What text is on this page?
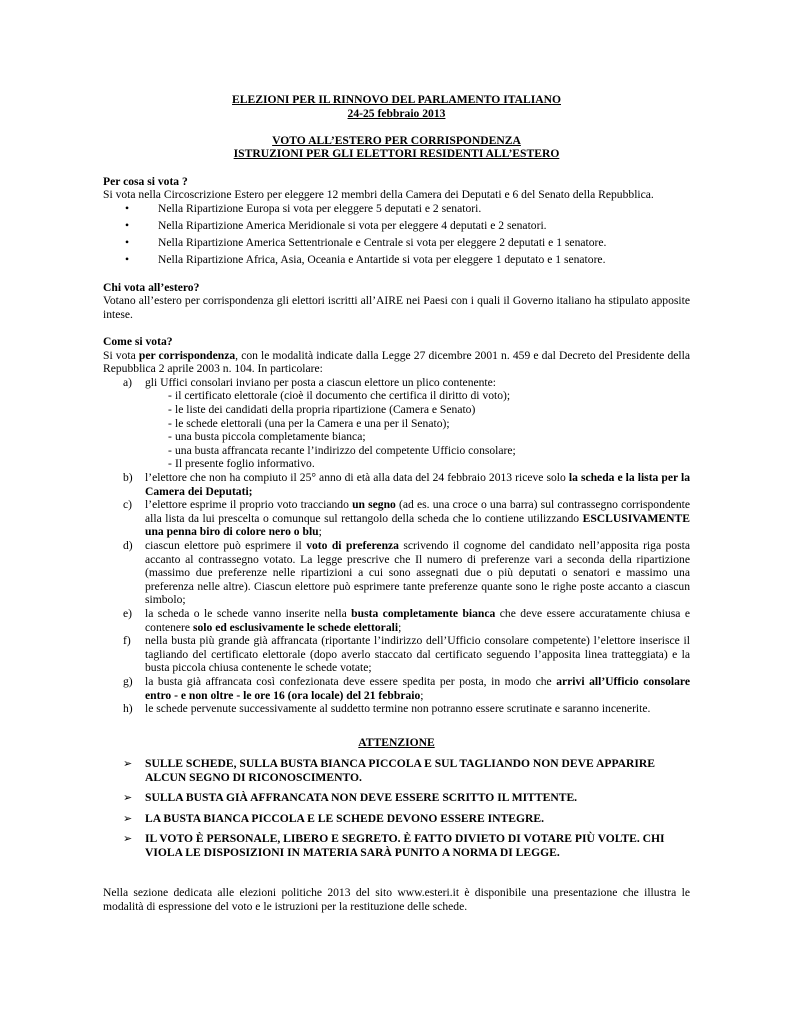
ELEZIONI PER IL RINNOVO DEL PARLAMENTO ITALIANO
24-25 febbraio 2013
VOTO ALL’ESTERO PER CORRISPONDENZA
ISTRUZIONI PER GLI ELETTORI RESIDENTI ALL’ESTERO
Per cosa si vota ?
Si vota nella Circoscrizione Estero per eleggere 12 membri della Camera dei Deputati e 6 del Senato della Repubblica.
• Nella Ripartizione Europa si vota per eleggere 5 deputati e 2 senatori.
• Nella Ripartizione America Meridionale si vota per eleggere 4 deputati e 2 senatori.
• Nella Ripartizione America Settentrionale e Centrale si vota per eleggere 2 deputati e 1 senatore.
• Nella Ripartizione Africa, Asia, Oceania e Antartide si vota per eleggere 1 deputato e 1 senatore.
Chi vota all’estero?
Votano all’estero per corrispondenza gli elettori iscritti all’AIRE nei Paesi con i quali il Governo italiano ha stipulato apposite intese.
Come si vota?
Si vota per corrispondenza, con le modalità indicate dalla Legge 27 dicembre 2001 n. 459 e dal Decreto del Presidente della Repubblica 2 aprile 2003 n. 104. In particolare:
a) gli Uffici consolari inviano per posta a ciascun elettore un plico contenente:
- il certificato elettorale (cioè il documento che certifica il diritto di voto);
- le liste dei candidati della propria ripartizione (Camera e Senato)
- le schede elettorali (una per la Camera e una per il Senato);
- una busta piccola completamente bianca;
- una busta affrancata recante l’indirizzo del competente Ufficio consolare;
- Il presente foglio informativo.
b) l’elettore che non ha compiuto il 25° anno di età alla data del 24 febbraio 2013 riceve solo la scheda e la lista per la Camera dei Deputati;
c) l’elettore esprime il proprio voto tracciando un segno (ad es. una croce o una barra) sul contrassegno corrispondente alla lista da lui prescelta o comunque sul rettangolo della scheda che lo contiene utilizzando ESCLUSIVAMENTE una penna biro di colore nero o blu;
d) ciascun elettore può esprimere il voto di preferenza scrivendo il cognome del candidato nell’apposita riga posta accanto al contrassegno votato. La legge prescrive che Il numero di preferenze vari a seconda della ripartizione (massimo due preferenze nelle ripartizioni a cui sono assegnati due o più deputati o senatori e massimo una preferenza nelle altre). Ciascun elettore può esprimere tante preferenze quante sono le righe poste accanto a ciascun simbolo;
e) la scheda o le schede vanno inserite nella busta completamente bianca che deve essere accuratamente chiusa e contenere solo ed esclusivamente le schede elettorali;
f) nella busta più grande già affrancata (riportante l’indirizzo dell’Ufficio consolare competente) l’elettore inserisce il tagliando del certificato elettorale (dopo averlo staccato dal certificato seguendo l’apposita linea tratteggiata) e la busta piccola chiusa contenente le schede votate;
g) la busta già affrancata così confezionata deve essere spedita per posta, in modo che arrivi all’Ufficio consolare entro - e non oltre - le ore 16 (ora locale) del 21 febbraio;
h) le schede pervenute successivamente al suddetto termine non potranno essere scrutinate e saranno incenerite.
ATTENZIONE
➢ SULLE SCHEDE, SULLA BUSTA BIANCA PICCOLA E SUL TAGLIANDO NON DEVE APPARIRE ALCUN SEGNO DI RICONOSCIMENTO.
➢ SULLA BUSTA GIÀ AFFRANCATA NON DEVE ESSERE SCRITTO IL MITTENTE.
➢ LA BUSTA BIANCA PICCOLA E LE SCHEDE DEVONO ESSERE INTEGRE.
➢ IL VOTO È PERSONALE, LIBERO E SEGRETO. È FATTO DIVIETO DI VOTARE PIÙ VOLTE. CHI VIOLA LE DISPOSIZIONI IN MATERIA SARÀ PUNITO A NORMA DI LEGGE.
Nella sezione dedicata alle elezioni politiche 2013 del sito www.esteri.it è disponibile una presentazione che illustra le modalità di espressione del voto e le istruzioni per la restituzione delle schede.
